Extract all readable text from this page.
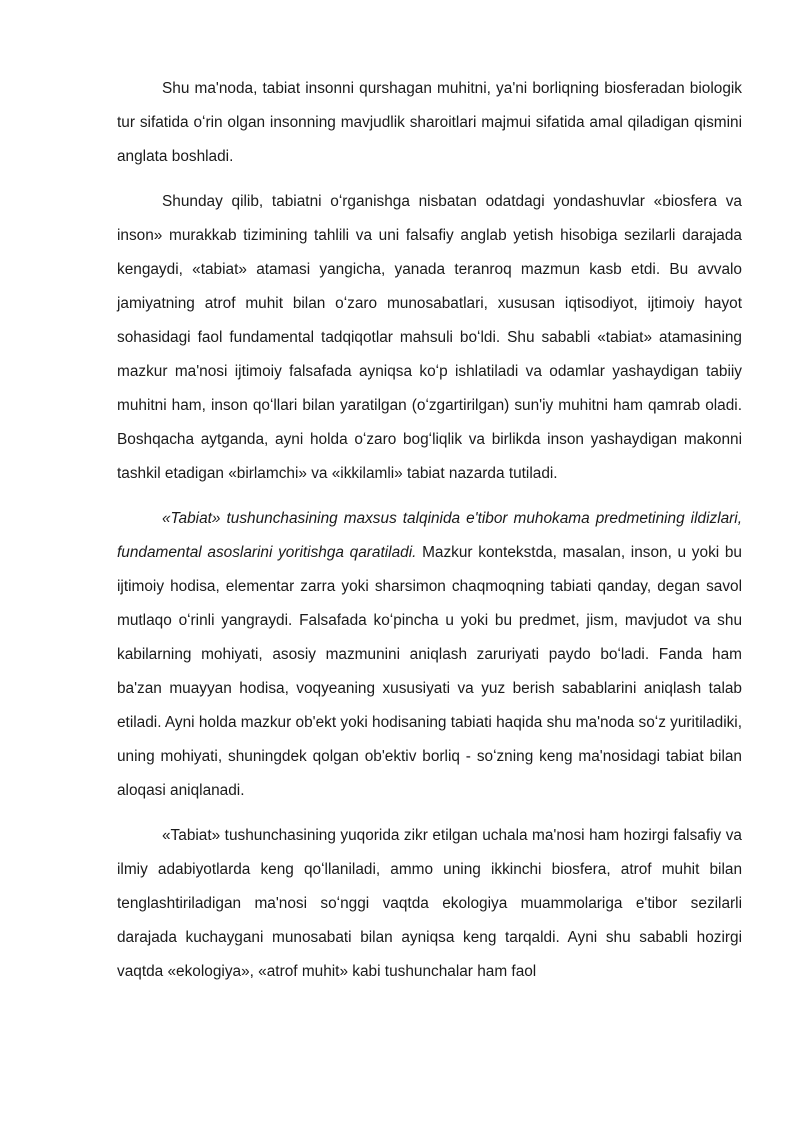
Shu ma'noda, tabiat insonni qurshagan muhitni, ya'ni borliqning biosferadan biologik tur sifatida oʻrin olgan insonning mavjudlik sharoitlari majmui sifatida amal qiladigan qismini anglata boshladi.

Shunday qilib, tabiatni oʻrganishga nisbatan odatdagi yondashuvlar «biosfera va inson» murakkab tizimining tahlili va uni falsafiy anglab yetish hisobiga sezilarli darajada kengaydi, «tabiat» atamasi yangicha, yanada teranroq mazmun kasb etdi. Bu avvalo jamiyatning atrof muhit bilan oʻzaro munosabatlari, xususan iqtisodiyot, ijtimoiy hayot sohasidagi faol fundamental tadqiqotlar mahsuli boʻldi. Shu sababli «tabiat» atamasining mazkur ma'nosi ijtimoiy falsafada ayniqsa koʻp ishlatiladi va odamlar yashaydigan tabiiy muhitni ham, inson qoʻllari bilan yaratilgan (oʻzgartirilgan) sun'iy muhitni ham qamrab oladi. Boshqacha aytganda, ayni holda oʻzaro bogʻliqlik va birlikda inson yashaydigan makonni tashkil etadigan «birlamchi» va «ikkilamli» tabiat nazarda tutiladi.

«Tabiat» tushunchasining maxsus talqinida e'tibor muhokama predmetining ildizlari, fundamental asoslarini yoritishga qaratiladi. Mazkur kontekstda, masalan, inson, u yoki bu ijtimoiy hodisa, elementar zarra yoki sharsimon chaqmoqning tabiati qanday, degan savol mutlaqo oʻrinli yangraydi. Falsafada koʻpincha u yoki bu predmet, jism, mavjudot va shu kabilarning mohiyati, asosiy mazmunini aniqlash zaruriyati paydo boʻladi. Fanda ham ba'zan muayyan hodisa, voqyeaning xususiyati va yuz berish sabablarini aniqlash talab etiladi. Ayni holda mazkur ob'ekt yoki hodisaning tabiati haqida shu ma'noda soʻz yuritiladiki, uning mohiyati, shuningdek qolgan ob'ektiv borliq - soʻzning keng ma'nosidagi tabiat bilan aloqasi aniqlanadi.

«Tabiat» tushunchasining yuqorida zikr etilgan uchala ma'nosi ham hozirgi falsafiy va ilmiy adabiyotlarda keng qoʻllaniladi, ammo uning ikkinchi biosfera, atrof muhit bilan tenglashtiriladigan ma'nosi soʻnggi vaqtda ekologiya muammolariga e'tibor sezilarli darajada kuchaygani munosabati bilan ayniqsa keng tarqaldi. Ayni shu sababli hozirgi vaqtda «ekologiya», «atrof muhit» kabi tushunchalar ham faol
